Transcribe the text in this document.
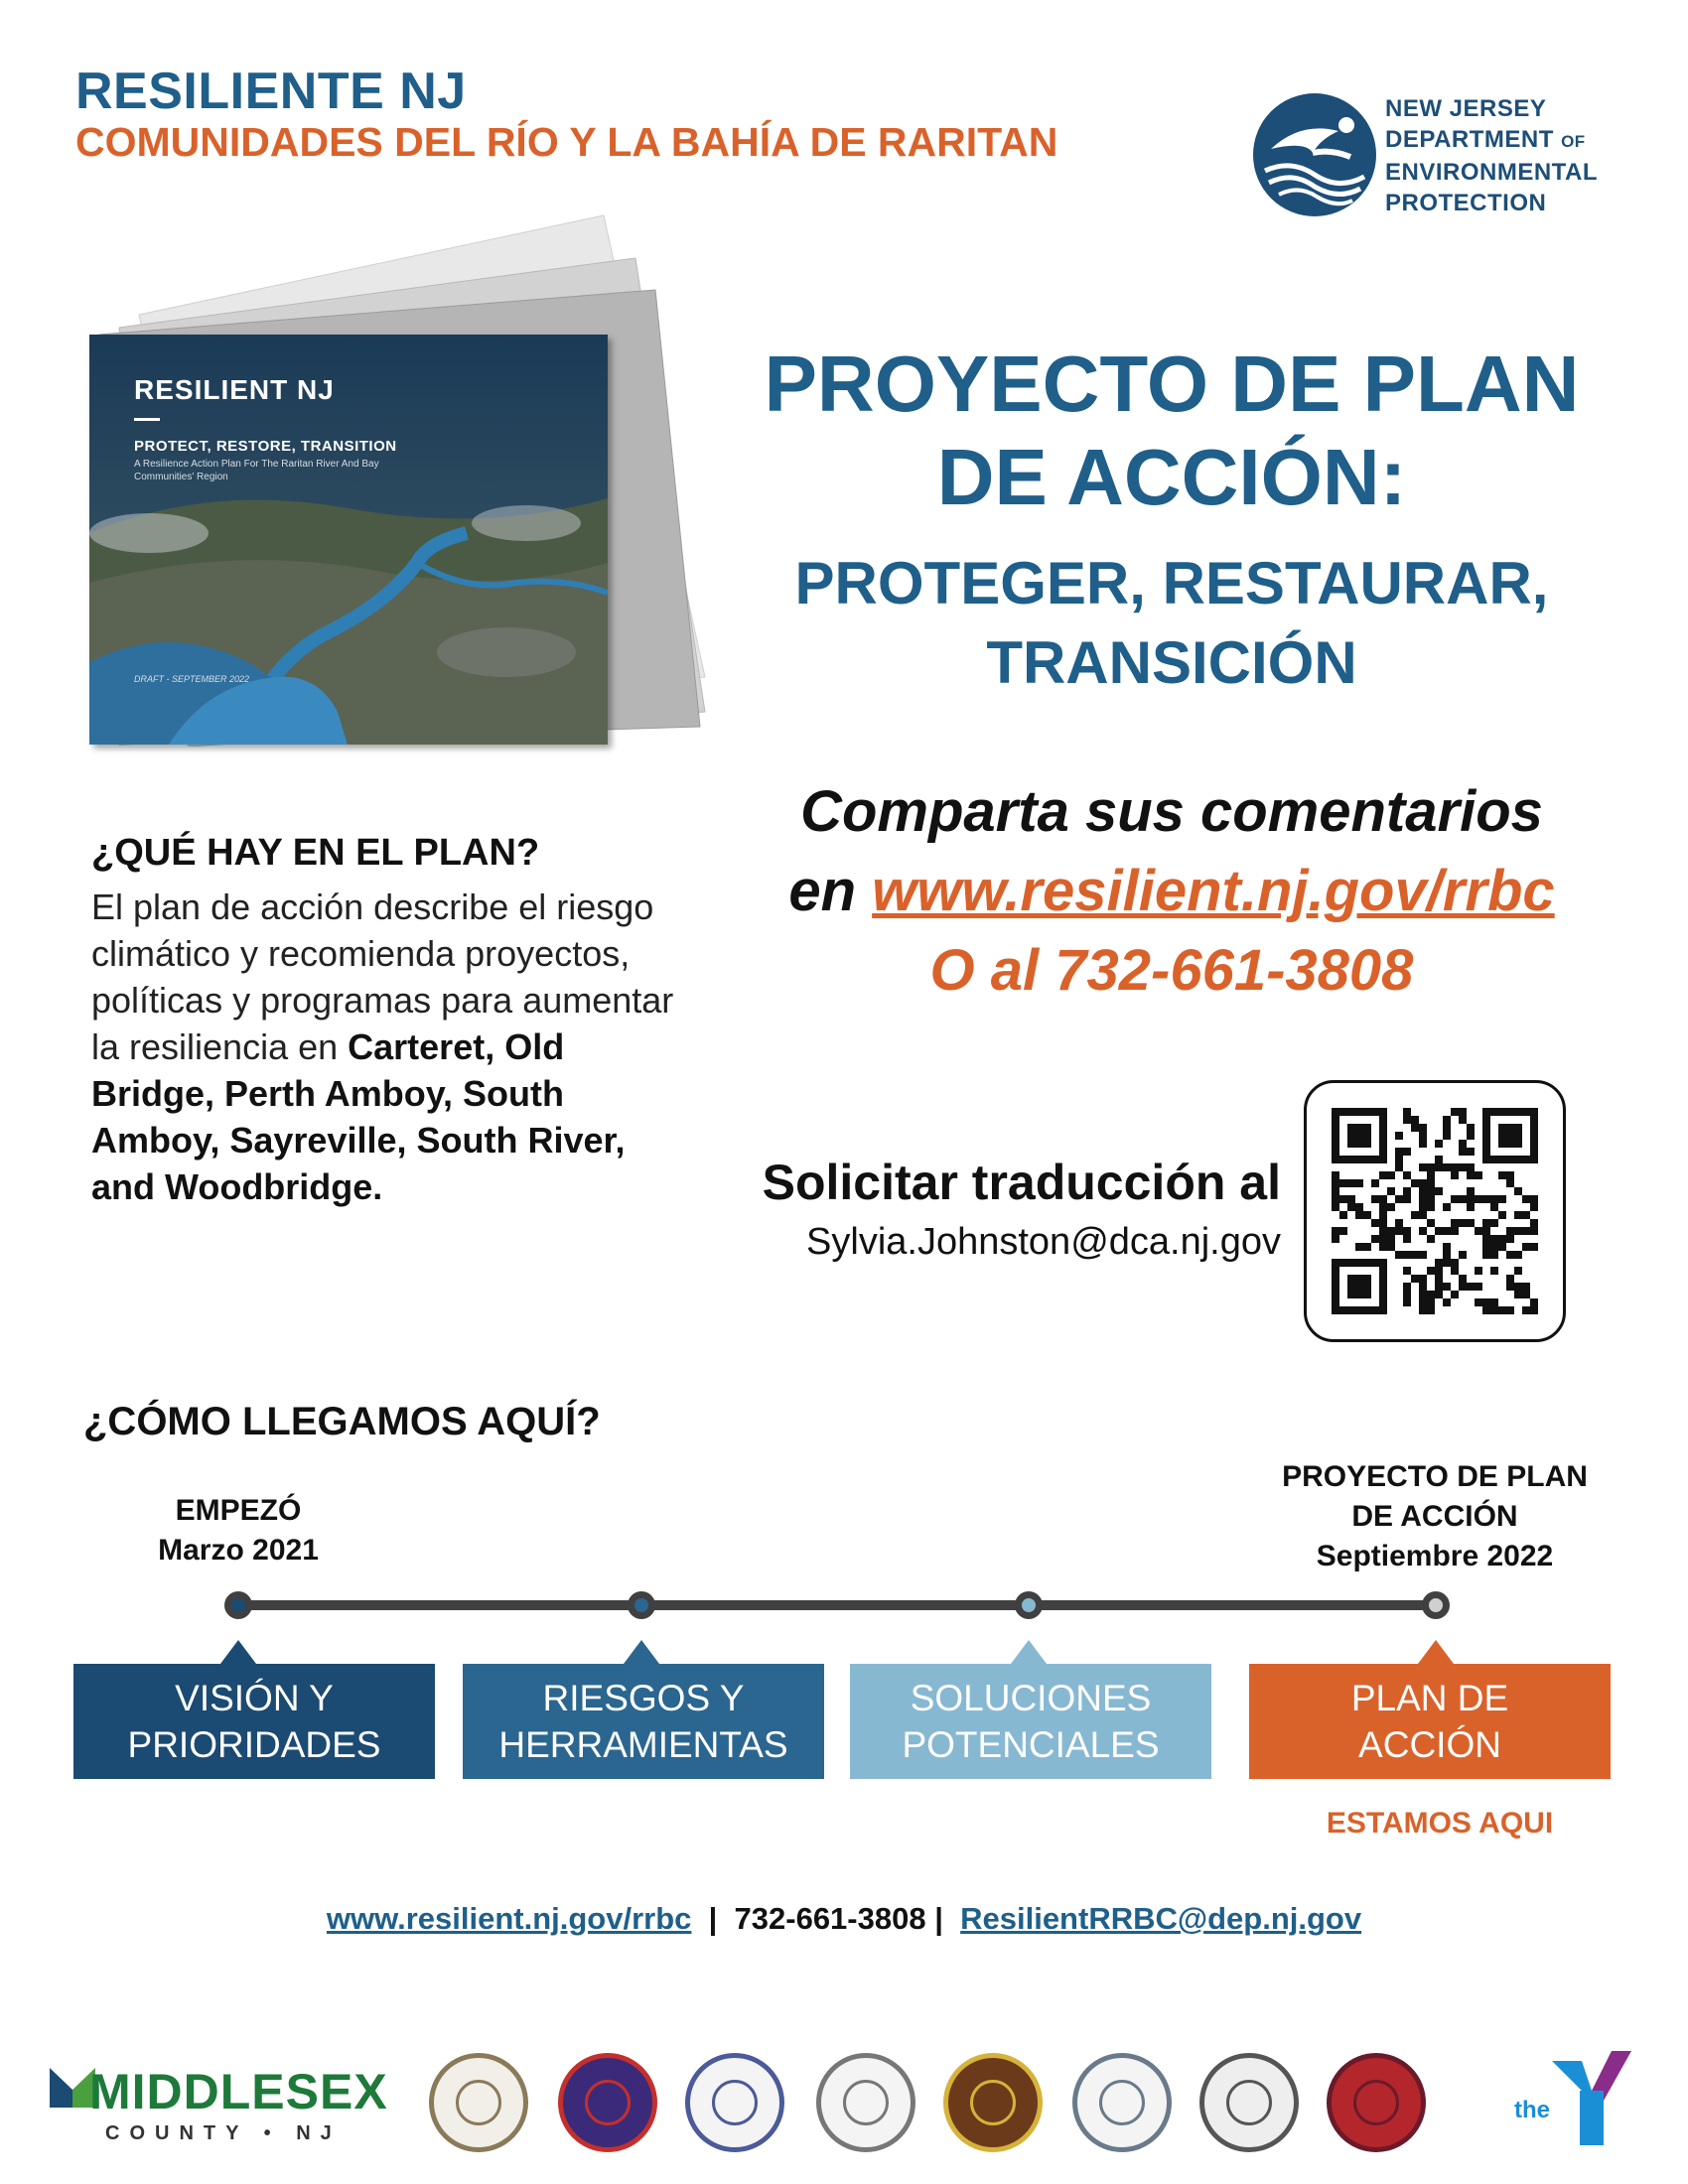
RESILIENTE NJ
COMUNIDADES DEL RÍO Y LA BAHÍA DE RARITAN
NEW JERSEY
DEPARTMENT OF
ENVIRONMENTAL
PROTECTION
RESILIENT NJ
PROTECT, RESTORE, TRANSITION
A Resilience Action Plan For The Raritan River And Bay Communities' Region
DRAFT - SEPTEMBER 2022
PROYECTO DE PLAN
DE ACCIÓN:
PROTEGER, RESTAURAR,
TRANSICIÓN
Comparta sus comentarios
en www.resilient.nj.gov/rrbc
O al 732-661-3808
¿QUÉ HAY EN EL PLAN?
El plan de acción describe el riesgo climático y recomienda proyectos, políticas y programas para aumentar la resiliencia en Carteret, Old Bridge, Perth Amboy, South Amboy, Sayreville, South River, and Woodbridge.	Solicitar traducción al
Sylvia.Johnston@dca.nj.gov
¿CÓMO LLEGAMOS AQUÍ?
EMPEZÓ
Marzo 2021
PROYECTO DE PLAN
DE ACCIÓN
Septiembre 2022
VISIÓN Y
PRIORIDADES
RIESGOS Y
HERRAMIENTAS
SOLUCIONES
POTENCIALES
PLAN DE
ACCIÓN
ESTAMOS AQUI
www.resilient.nj.gov/rrbc  |  732-661-3808 |  ResilientRRBC@dep.nj.gov
MIDDLESEX
COUNTY • NJ
the
